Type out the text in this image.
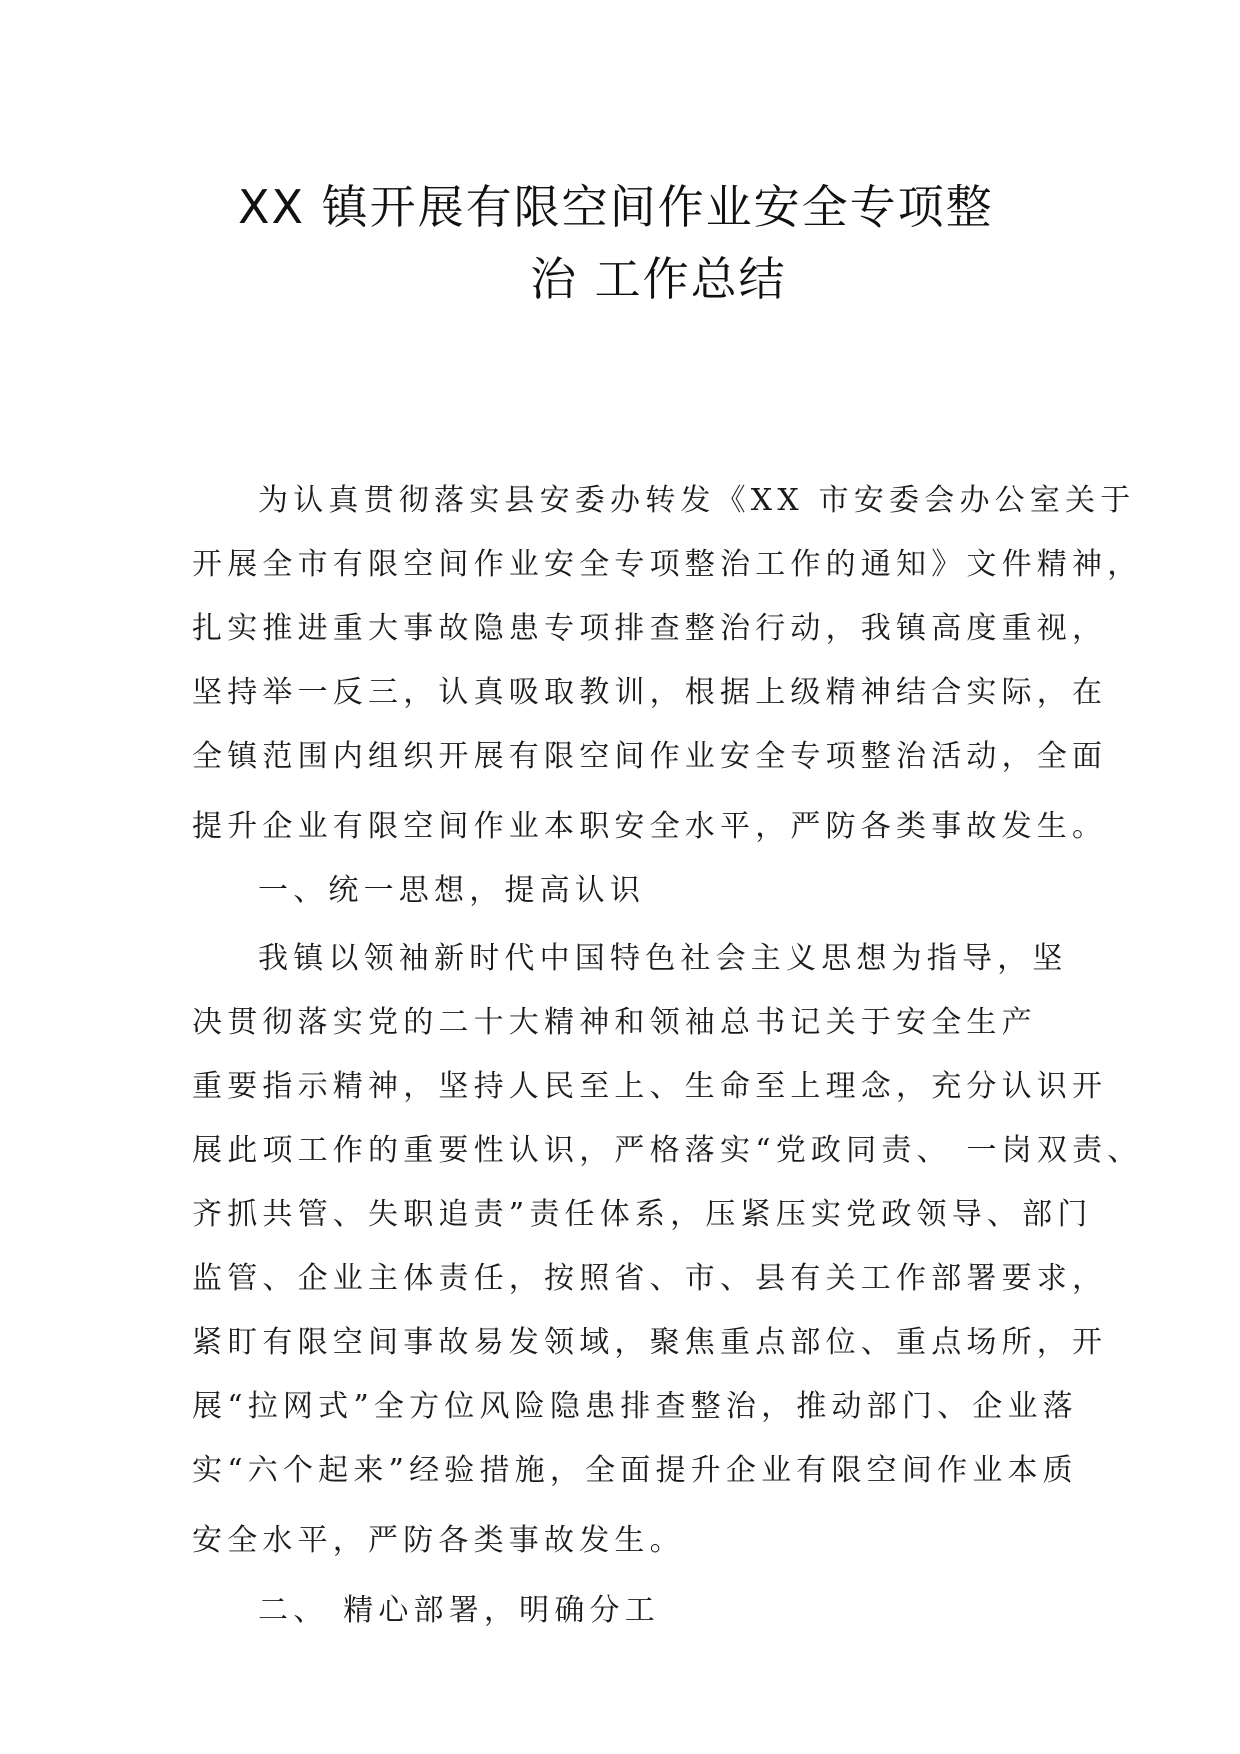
XX 镇开展有限空间作业安全专项整
治 工作总结
为认真贯彻落实县安委办转发《XX 市安委会办公室关于
开展全市有限空间作业安全专项整治工作的通知》文件精神，
扎实推进重大事故隐患专项排查整治行动，我镇高度重视，
坚持举一反三，认真吸取教训，根据上级精神结合实际，在
全镇范围内组织开展有限空间作业安全专项整治活动，全面
提升企业有限空间作业本职安全水平，严防各类事故发生。
一、统一思想，提高认识
我镇以领袖新时代中国特色社会主义思想为指导，坚
决贯彻落实党的二十大精神和领袖总书记关于安全生产
重要指示精神，坚持人民至上、生命至上理念，充分认识开
展此项工作的重要性认识，严格落实“党政同责、 一岗双责、
齐抓共管、失职追责”责任体系，压紧压实党政领导、部门
监管、企业主体责任，按照省、市、县有关工作部署要求，
紧盯有限空间事故易发领域，聚焦重点部位、重点场所，开
展“拉网式”全方位风险隐患排查整治，推动部门、企业落
实“六个起来”经验措施，全面提升企业有限空间作业本质
安全水平，严防各类事故发生。
二、 精心部署，明确分工
